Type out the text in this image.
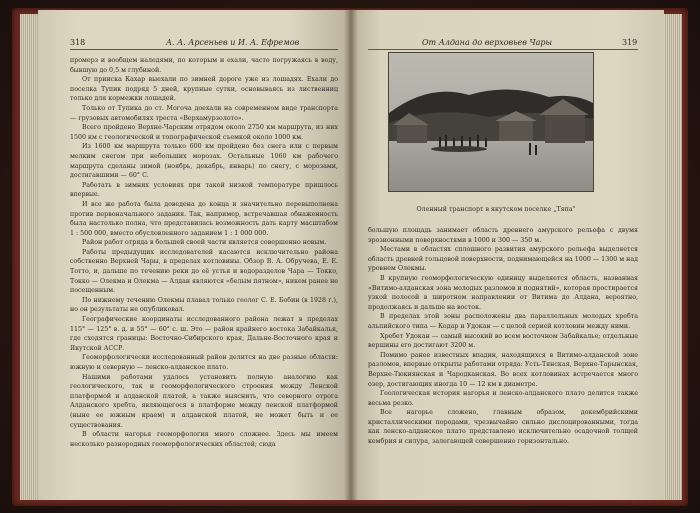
318	А. А. Арсеньев и И. А. Ефремов

промерз и вообщем наледями, по которым и ехали, часто погружаясь в воду, бывшую до 0,5 м глубиной.

От прииска Кахар выехали по зимней дороге уже из лошадях. Ехали до поселка Тупик подряд 5 дней, крупные сутки, основываясь из лиственниц только для кормежки лошадей.

Только от Тупика до ст. Могоча доехали на современном виде транспорта — грузовых автомобилях треста «Верхамурзолото».

Всего пройдено Верхне-Чарским отрядом около 2750 км маршрута, из них 1500 км с геологической и топографической съемкой около 1000 км.

Из 1600 км маршрута только 600 км пройдено без снега или с первым мелким снегом при небольших морозах. Остальные 1060 км рабочего маршрута сделаны зимой (ноябрь, декабрь, январь) по снегу, с морозами, достигавшими — 60° C.

Работать в зимних условиях при такой низкой температуре пришлось впервые.

И все же работа была доведена до конца и значительно перевыполнена против первоначального задания. Так, например, встречавшая обнаженность была настолько полна, что представилась возможность дать карту масштабом 1 : 500 000, вместо обусловленного заданием 1 : 1 000 000.

Район работ отряда в большей своей части является совершенно новым.

Работы предыдущих исследователей касаются исключительно района собственно Верхней Чары, в пределах котловины. Обзор В. А. Обручева, Е. Е. Тотто, и, дальше по течению реки до её устья и водоразделов Чара — Токко, Токко — Олекма и Олекма — Алдан являются «белым пятном», никем ранее не посещенным.

По нижнему течению Олекмы плавал только геолог С. Е. Бобин (в 1928 г.), но он результаты не опубликовал.

Географические координаты исследованного района лежат в пределах 115° — 125° в. д. и 55° — 60° с. ш. Это — район крайнего востока Забайкалья, где сходятся границы: Восточно-Сибирского края, Дальне-Восточного края и Якутской АССР.

Геоморфологически исследованный район делится на две разные области: южную и северную — ленско-алданское плато.

Нашими работами удалось установить полную аналогию как геологического, так и геоморфологического строения между Ленской платформой и алданской платой, а также выяснить, что северного отрога Алданского хребта, являющегося в платформе между ленской платформой (ныне ее южным краем) и алданской платой, не может быть и ее существования.

В области нагорья геоморфология много сложнее. Здесь мы имеем несколько разнородных геоморфологических областей; сюда

От Алдана до верховьев Чары	319
Оленный транспорт в якутском поселке „Тяпа"

большую площадь занимает область древнего амурского рельефа с двумя эрозионными поверхностями в 1000 и 300 — 350 м.

Местами в областях сплошного развития амурского рельефа выделяется область древней гольцовой поверхности, поднимающейся на 1000 — 1300 м над уровнем Олекмы.

В крупную геоморфологическую единицу выделяется область, названная «Витимо-алданская зона молодых разломов и поднятий», которая простирается узкой полосой в широтном направлении от Витима до Алдана, вероятно, продолжаясь и дальше на восток.

В пределах этой зоны расположены два параллельных молодых хребта альпийского типа — Кодар и Удокан — с целой серией котловин между ними.

Хребет Удокан — самый высокий во всем восточном Забайкалье; отдельные вершины его достигают 3200 м.

Помимо ранее известных впадин, находящихся в Витимо-алданской зоне разломов, впервые открыты работами отряда: Усть-Тянская, Верхне-Тарынская, Верхне-Тюкиянская и Чародканская. Во всех котловинах встречается много озер, достигающих иногда 10 — 12 км в диаметре.

Геологическая история нагорья и ленско-алданского плато делится также весьма резко.

Все нагорье сложено, главным образом, докембрийскими кристаллическими породами, чрезвычайно сильно дислоцированными, тогда как ленско-алданское плато представлено исключительно осадочной толщей кембрия и силура, залегающей совершенно горизонтально.
